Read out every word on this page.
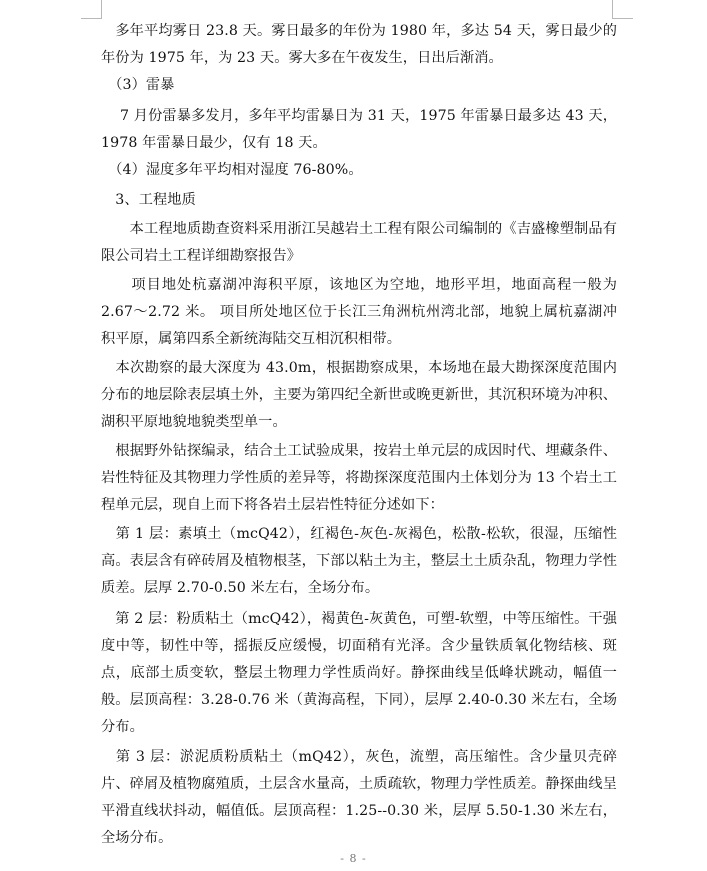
　多年平均雾日 23.8 天。雾日最多的年份为 1980 年，多达 54 天，雾日最少的年份为 1975 年，为 23 天。雾大多在午夜发生，日出后渐消。

　（3）雷暴

　 7 月份雷暴多发月，多年平均雷暴日为 31 天，1975 年雷暴日最多达 43 天，1978 年雷暴日最少，仅有 18 天。

　（4）湿度多年平均相对湿度 76-80%。

　3、工程地质

　　本工程地质勘查资料采用浙江吴越岩土工程有限公司编制的《吉盛橡塑制品有限公司岩土工程详细勘察报告》

　　项目地处杭嘉湖冲海积平原，该地区为空地，地形平坦，地面高程一般为2.67～2.72 米。 项目所处地区位于长江三角洲杭州湾北部，地貌上属杭嘉湖冲积平原，属第四系全新统海陆交互相沉积相带。

　本次勘察的最大深度为 43.0m，根据勘察成果，本场地在最大勘探深度范围内分布的地层除表层填土外，主要为第四纪全新世或晚更新世，其沉积环境为冲积、湖积平原地貌地貌类型单一。

　根据野外钻探编录，结合土工试验成果，按岩土单元层的成因时代、埋藏条件、岩性特征及其物理力学性质的差异等，将勘探深度范围内土体划分为 13 个岩土工程单元层，现自上而下将各岩土层岩性特征分述如下：

　第 1 层：素填土（mcQ42），红褐色-灰色-灰褐色，松散-松软，很湿，压缩性高。表层含有碎砖屑及植物根茎，下部以粘土为主，整层土土质杂乱，物理力学性质差。层厚 2.70-0.50 米左右，全场分布。

　第 2 层：粉质粘土（mcQ42），褐黄色-灰黄色，可塑-软塑，中等压缩性。干强度中等，韧性中等，摇振反应缓慢，切面稍有光泽。含少量铁质氧化物结核、斑点，底部土质变软，整层土物理力学性质尚好。静探曲线呈低峰状跳动，幅值一般。层顶高程：3.28-0.76 米（黄海高程，下同），层厚 2.40-0.30 米左右，全场分布。

　第 3 层：淤泥质粉质粘土（mQ42），灰色，流塑，高压缩性。含少量贝壳碎片、碎屑及植物腐殖质，土层含水量高，土质疏软，物理力学性质差。静探曲线呈平滑直线状抖动，幅值低。层顶高程：1.25--0.30 米，层厚 5.50-1.30 米左右，全场分布。

- 8 -
